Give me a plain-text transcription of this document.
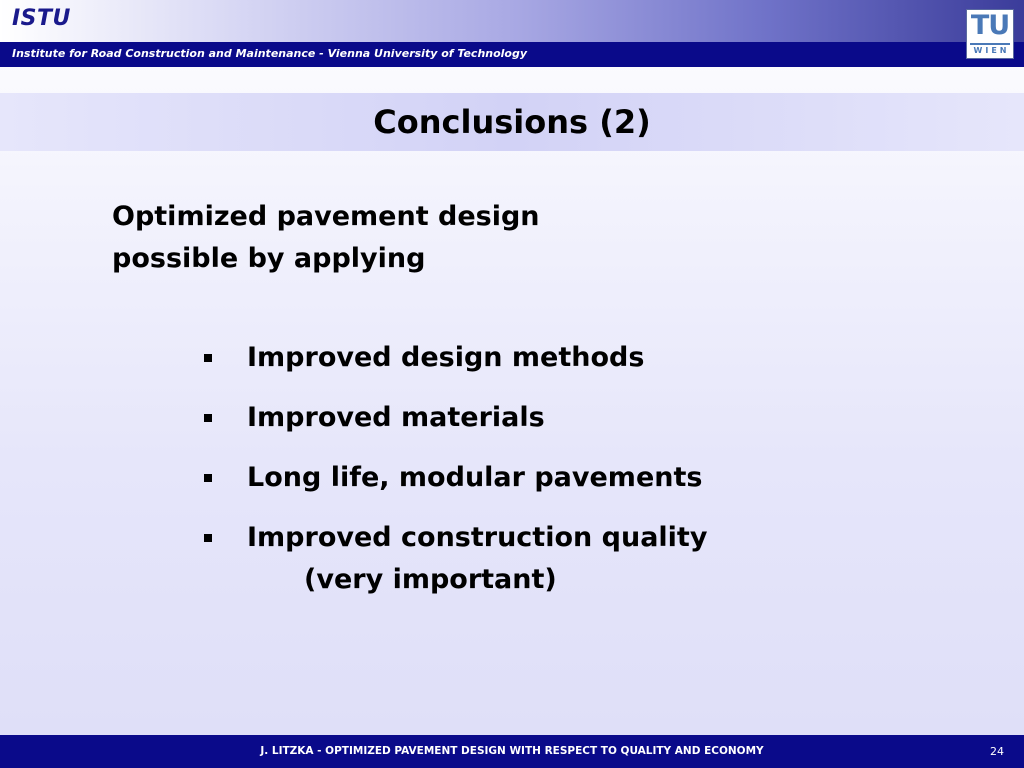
ISTU
Institute for Road Construction and Maintenance - Vienna University of Technology
TU
WIEN
Conclusions (2)
Optimized pavement design
possible by applying
Improved design methods
Improved materials
Long life, modular pavements
Improved construction quality
(very important)
J. LITZKA - OPTIMIZED PAVEMENT DESIGN WITH RESPECT TO QUALITY AND ECONOMY	24
